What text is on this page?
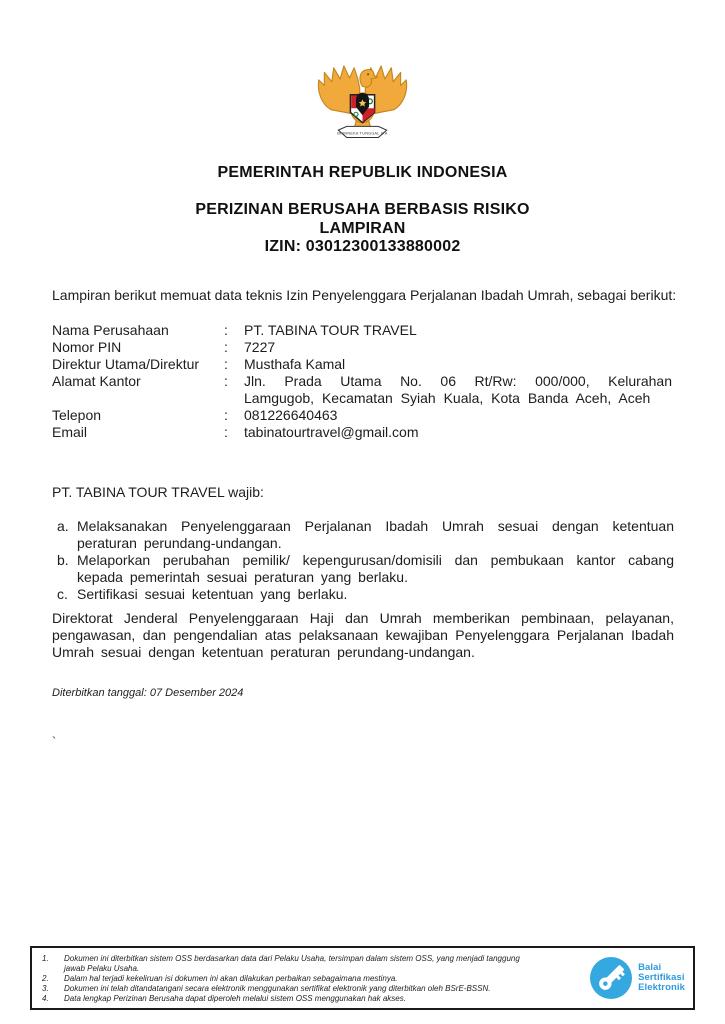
BHINNEKA TUNGGAL IKA
PEMERINTAH REPUBLIK INDONESIA
PERIZINAN BERUSAHA BERBASIS RISIKO
LAMPIRAN
IZIN: 03012300133880002
Lampiran berikut memuat data teknis Izin Penyelenggara Perjalanan Ibadah Umrah, sebagai berikut:
Nama Perusahaan	:	PT. TABINA TOUR TRAVEL
Nomor PIN	:	7227
Direktur Utama/Direktur	:	Musthafa Kamal
Alamat Kantor	:	Jln. Prada Utama No. 06 Rt/Rw: 000/000, Kelurahan Lamgugob, Kecamatan Syiah Kuala, Kota Banda Aceh, Aceh
Telepon	:	081226640463
Email	:	tabinatourtravel@gmail.com
PT. TABINA TOUR TRAVEL wajib:
a. Melaksanakan Penyelenggaraan Perjalanan Ibadah Umrah sesuai dengan ketentuan peraturan perundang-undangan.
b. Melaporkan perubahan pemilik/ kepengurusan/domisili dan pembukaan kantor cabang kepada pemerintah sesuai peraturan yang berlaku.
c. Sertifikasi sesuai ketentuan yang berlaku.
Direktorat Jenderal Penyelenggaraan Haji dan Umrah memberikan pembinaan, pelayanan, pengawasan, dan pengendalian atas pelaksanaan kewajiban Penyelenggara Perjalanan Ibadah Umrah sesuai dengan ketentuan peraturan perundang-undangan.
Diterbitkan tanggal: 07 Desember 2024
`
1.	Dokumen ini diterbitkan sistem OSS berdasarkan data dari Pelaku Usaha, tersimpan dalam sistem OSS, yang menjadi tanggung jawab Pelaku Usaha.
2.	Dalam hal terjadi kekeliruan isi dokumen ini akan dilakukan perbaikan sebagaimana mestinya.
3.	Dokumen ini telah ditandatangani secara elektronik menggunakan sertifikat elektronik yang diterbitkan oleh BSrE-BSSN.
4.	Data lengkap Perizinan Berusaha dapat diperoleh melalui sistem OSS menggunakan hak akses.
Balai
Sertifikasi
Elektronik
